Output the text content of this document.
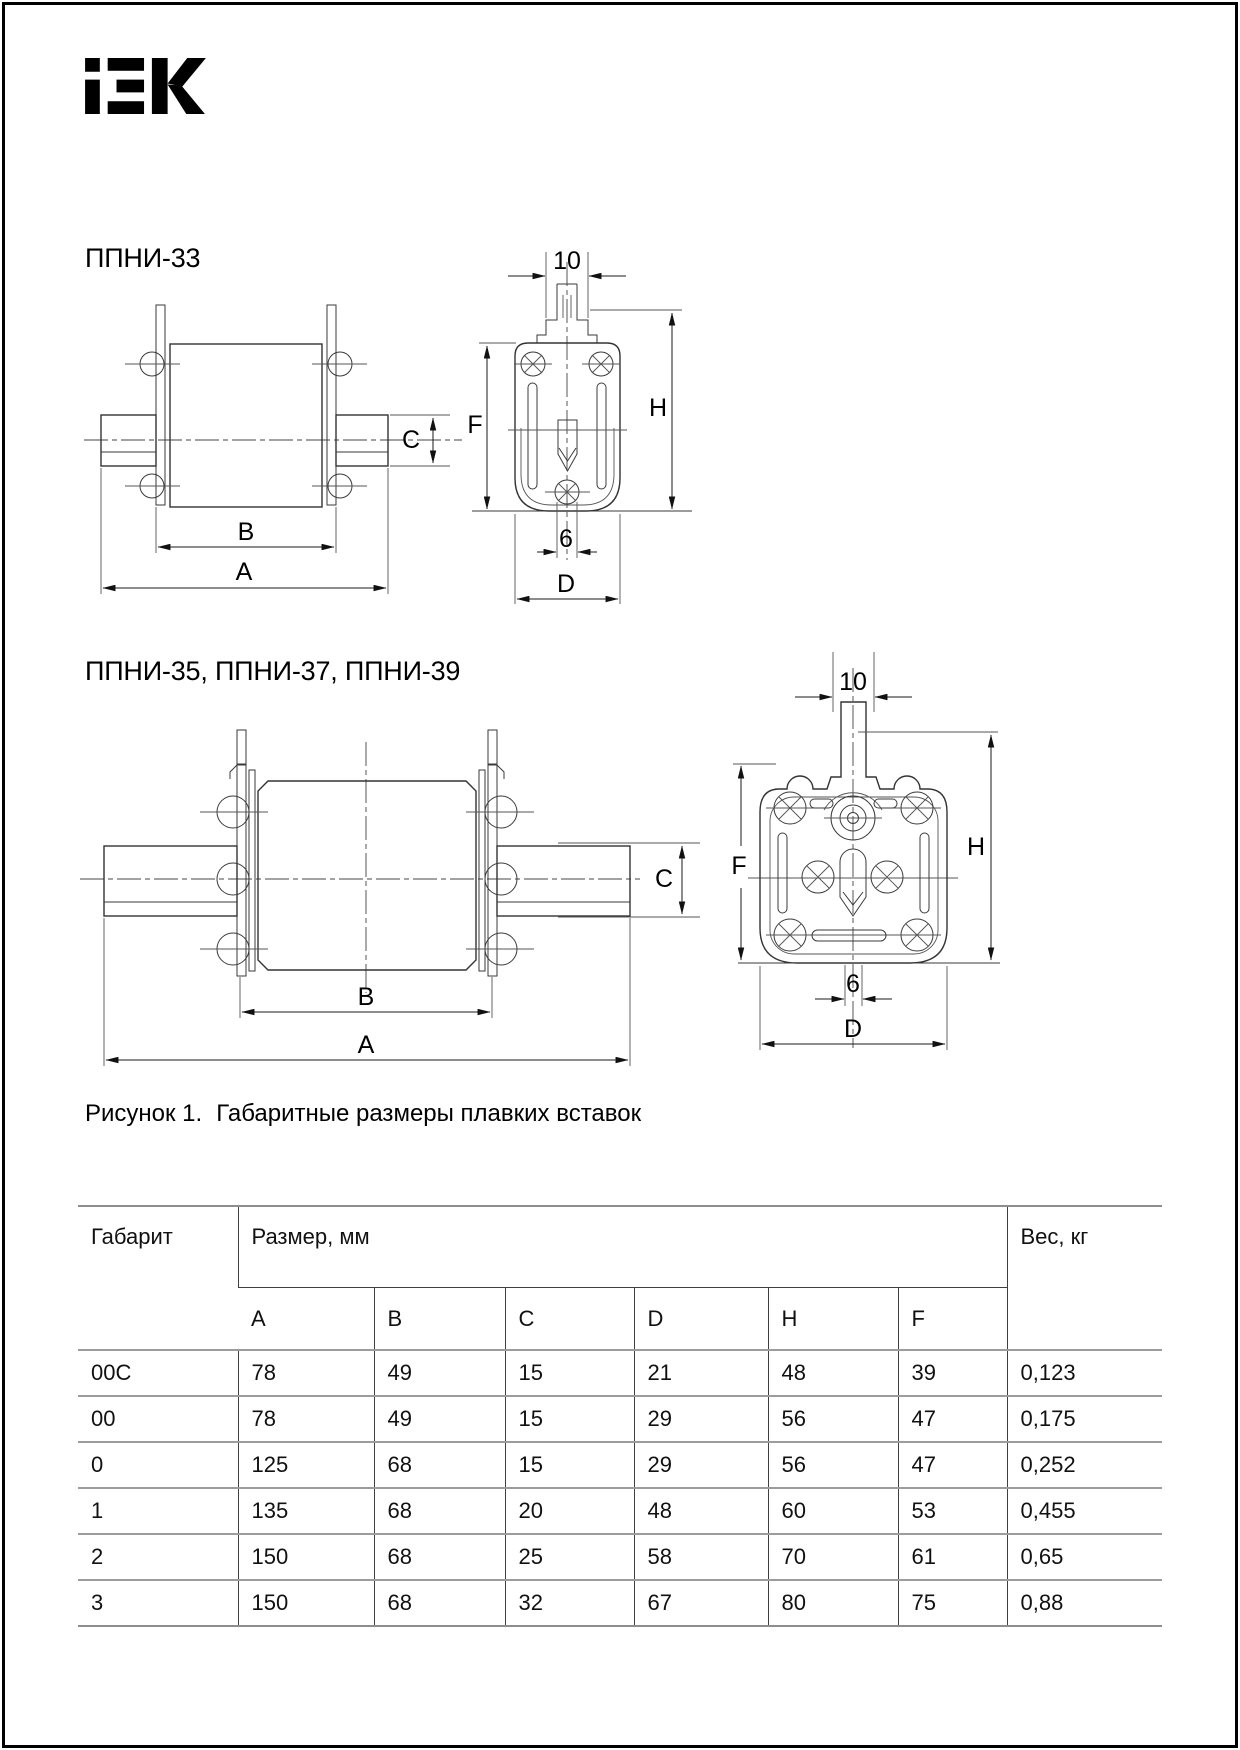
ППНИ-33
C
B
A
10
F
H
6
D
ППНИ-35, ППНИ-37, ППНИ-39
C
B
A
10
F
H
6
D
Рисунок 1. Габаритные размеры плавких вставок
Габарит	Размер, мм						Вес, кг
	A	B	C	D	H	F	
00C	78	49	15	21	48	39	0,123
00	78	49	15	29	56	47	0,175
0	125	68	15	29	56	47	0,252
1	135	68	20	48	60	53	0,455
2	150	68	25	58	70	61	0,65
3	150	68	32	67	80	75	0,88
